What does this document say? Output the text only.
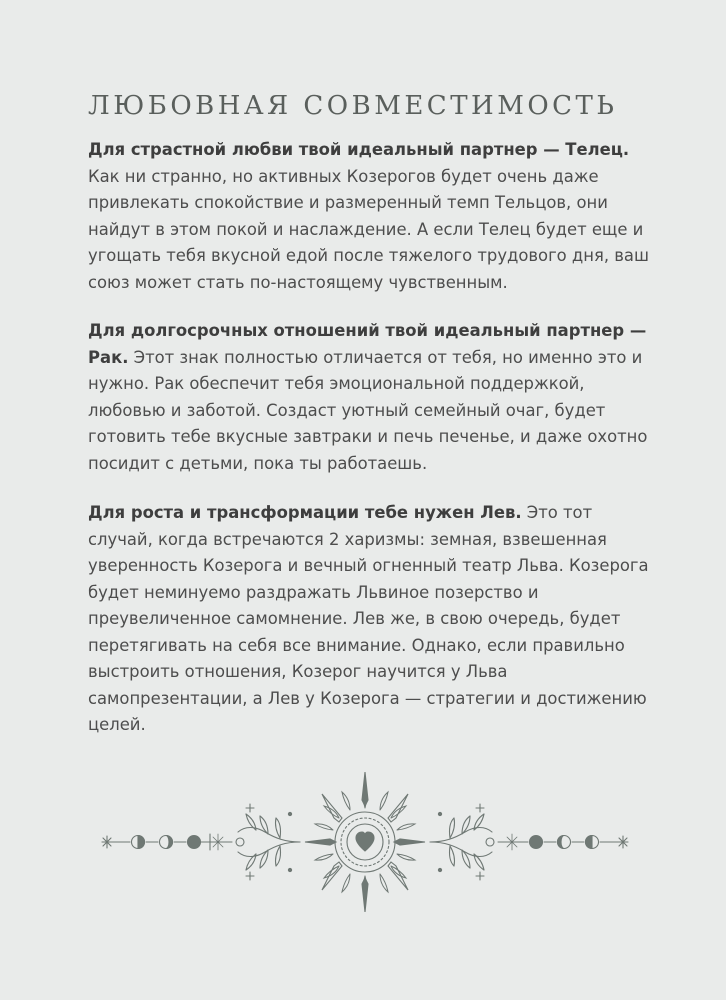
ЛЮБОВНАЯ СОВМЕСТИМОСТЬ

Для страстной любви твой идеальный партнер — Телец. Как ни странно, но активных Козерогов будет очень даже привлекать спокойствие и размеренный темп Тельцов, они найдут в этом покой и наслаждение. А если Телец будет еще и угощать тебя вкусной едой после тяжелого трудового дня, ваш союз может стать по-настоящему чувственным.

Для долгосрочных отношений твой идеальный партнер — Рак. Этот знак полностью отличается от тебя, но именно это и нужно. Рак обеспечит тебя эмоциональной поддержкой, любовью и заботой. Создаст уютный семейный очаг, будет готовить тебе вкусные завтраки и печь печенье, и даже охотно посидит с детьми, пока ты работаешь.

Для роста и трансформации тебе нужен Лев. Это тот случай, когда встречаются 2 харизмы: земная, взвешенная уверенность Козерога и вечный огненный театр Льва. Козерога будет неминуемо раздражать Львиное позерство и преувеличенное самомнение. Лев же, в свою очередь, будет перетягивать на себя все внимание. Однако, если правильно выстроить отношения, Козерог научится у Льва самопрезентации, а Лев у Козерога — стратегии и достижению целей.
